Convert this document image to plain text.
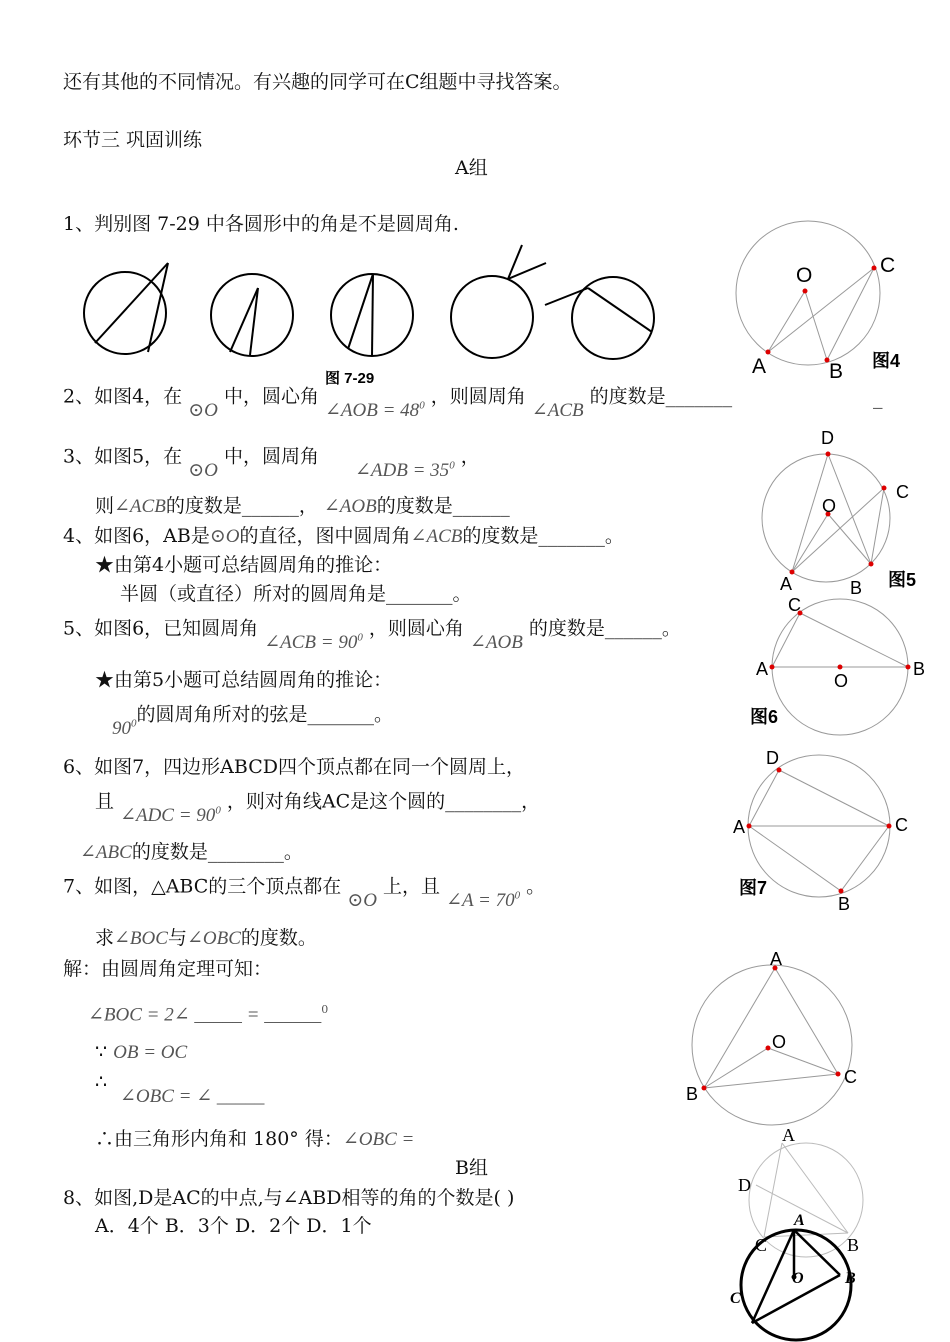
还有其他的不同情况。有兴趣的同学可在C组题中寻找答案。
环节三 巩固训练
A组
1、判别图 7-29 中各圆形中的角是不是圆周角.
2、如图4，在 ⊙O 中，圆心角 ∠AOB = $48^0$ ，则圆周角 ∠ACB 的度数是_______	_
3、如图5，在 ⊙O 中，圆周角 ∠ADB = $35^0$ ，
则∠ACB的度数是______， ∠AOB的度数是______
4、如图6，AB是⊙O的直径，图中圆周角∠ACB的度数是_______。
★由第4小题可总结圆周角的推论：
半圆（或直径）所对的圆周角是_______。
5、如图6，已知圆周角 ∠ACB = $90^0$ ，则圆心角 ∠AOB 的度数是______。
★由第5小题可总结圆周角的推论：
$90^0$的圆周角所对的弦是_______。
6、如图7，四边形ABCD四个顶点都在同一个圆周上，
且 ∠ADC = $90^0$ ，则对角线AC是这个圆的________，
∠ABC的度数是________。
7、如图，△ABC的三个顶点都在 ⊙O 上，且 ∠A = $70^0$ 。
求∠BOC与∠OBC的度数。
解：由圆周角定理可知：
∠BOC = 2∠ _____ = ______$^0$
∵ OB = OC
∴
∠OBC = ∠ _____
∴由三角形内角和 180° 得：∠OBC =
B组
8、如图,D是AC的中点,与∠ABD相等的角的个数是( )
A．4个 B．3个 D．2个 D．1个
图 7-29
O	C
A	B 图4
D
O
C
A	B 图5
C
A	B
O
图6
D
A	C
B
图7
A
O
B
C
A
D
C	B
A
O
C
B
